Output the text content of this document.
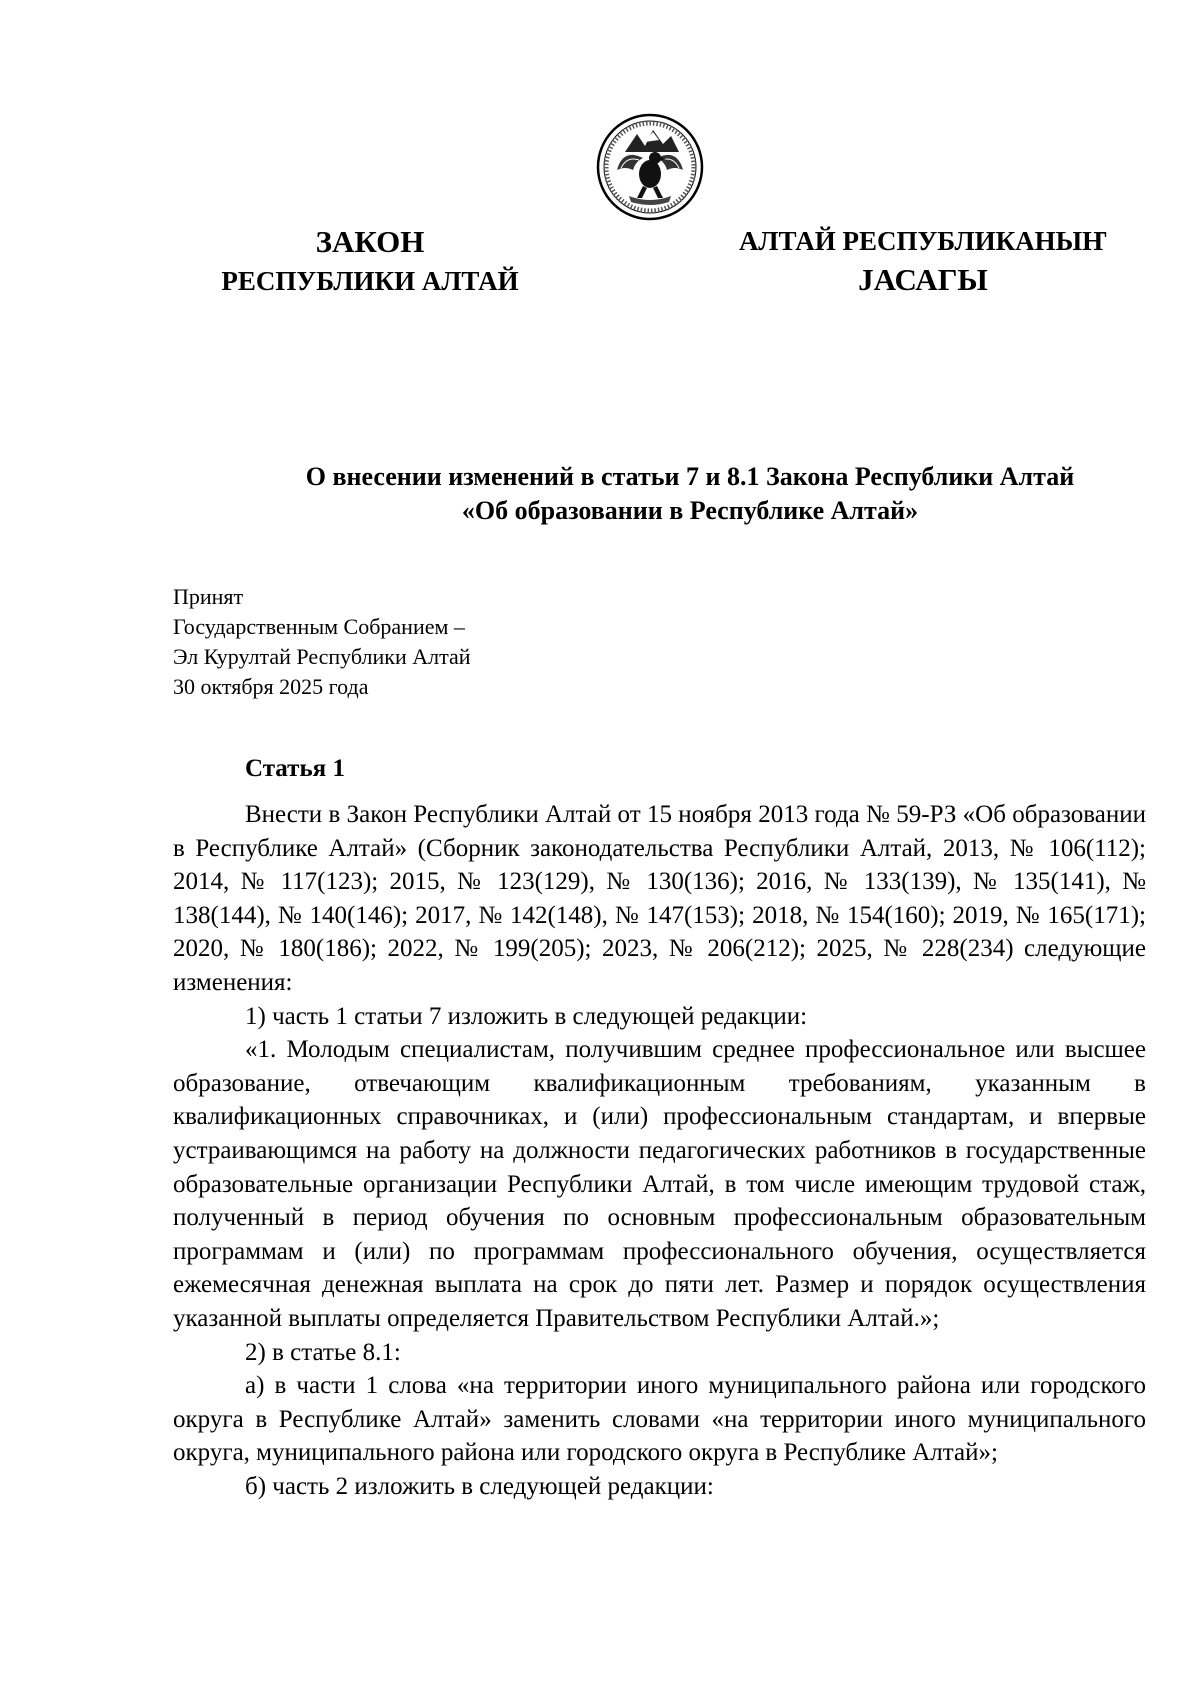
ЗАКОН
РЕСПУБЛИКИ АЛТАЙ
АЛТАЙ РЕСПУБЛИКАНЫҤ
ЈАСАГЫ
О внесении изменений в статьи 7 и 8.1 Закона Республики Алтай
«Об образовании в Республике Алтай»
Принят
Государственным Собранием –
Эл Курултай Республики Алтай
30 октября 2025 года
Статья 1

Внести в Закон Республики Алтай от 15 ноября 2013 года № 59-РЗ «Об образовании в Республике Алтай» (Сборник законодательства Республики Алтай, 2013, № 106(112); 2014, № 117(123); 2015, № 123(129), № 130(136); 2016, № 133(139), № 135(141), № 138(144), № 140(146); 2017, № 142(148), № 147(153); 2018, № 154(160); 2019, № 165(171); 2020, № 180(186); 2022, № 199(205); 2023, № 206(212); 2025, № 228(234) следующие изменения:

1) часть 1 статьи 7 изложить в следующей редакции:

«1. Молодым специалистам, получившим среднее профессиональное или высшее образование, отвечающим квалификационным требованиям, указанным в квалификационных справочниках, и (или) профессиональным стандартам, и впервые устраивающимся на работу на должности педагогических работников в государственные образовательные организации Республики Алтай, в том числе имеющим трудовой стаж, полученный в период обучения по основным профессиональным образовательным программам и (или) по программам профессионального обучения, осуществляется ежемесячная денежная выплата на срок до пяти лет. Размер и порядок осуществления указанной выплаты определяется Правительством Республики Алтай.»;

2) в статье 8.1:

а) в части 1 слова «на территории иного муниципального района или городского округа в Республике Алтай» заменить словами «на территории иного муниципального округа, муниципального района или городского округа в Республике Алтай»;

б) часть 2 изложить в следующей редакции:
